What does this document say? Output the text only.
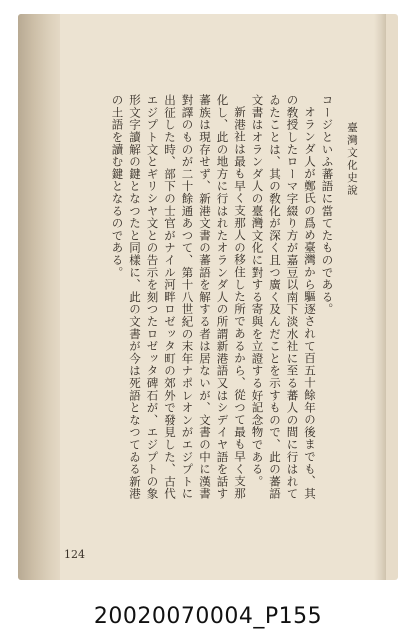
臺灣文化史說
コージといふ蕃語に當てたものである。
オランダ人が鄭氏の爲め臺灣から驅逐されて百五十餘年の後までも、其
の敎授したローマ字綴り方が嘉豆以南下淡水社に至る蕃人の間に行はれて
ゐたことは、其の敎化が深く且つ廣く及んだことを示すもので、此の蕃語
文書はオランダ人の臺灣文化に對する寄與を立證する好記念物である。
新港社は最も早く支那人の移住した所であるから、從つて最も早く支那
化し、此の地方に行はれたオランダ人の所謂新港語又はシデイヤ語を話す
蕃族は現存せず、新港文書の蕃語を解する者は居ないが、文書の中に漢書
對譯のものが二十餘通あつて、第十八世紀の末年ナポレオンがエジプトに
出征した時、部下の士官がナイル河畔ロゼッタ町の郊外で發見した、古代
エジプト文とギリシヤ文との告示を刻つたロゼッタ碑石が、エジプトの象
形文字讀解の鍵となつたと同樣に、此の文書が今は死語となつてゐる新港
の土語を讀む鍵となるのである。
124
20020070004_P155
